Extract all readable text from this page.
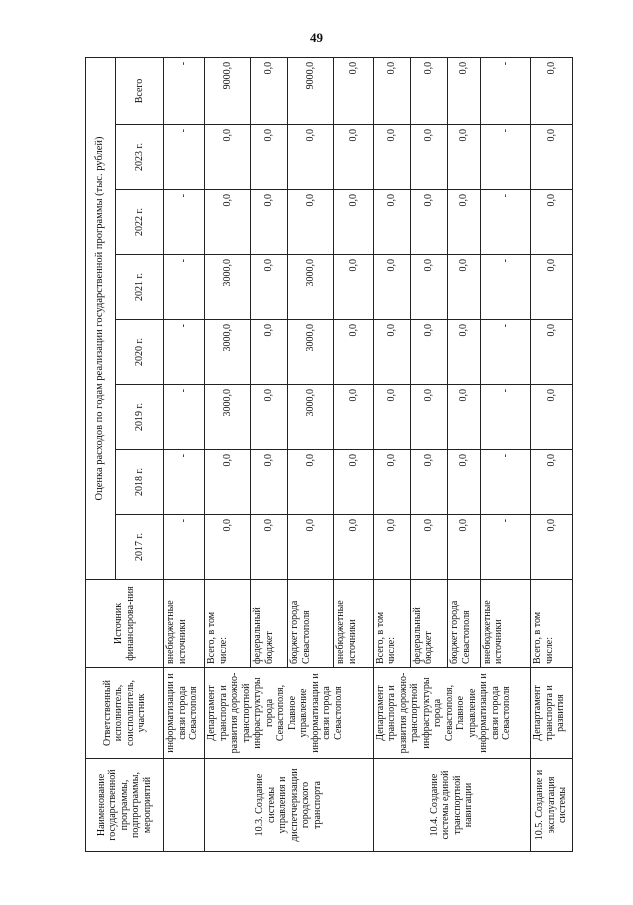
49
Наименование государственной программы, подпрограммы, мероприятий	Ответственный исполнитель, соисполнитель, участник	Источник финансирова-ния	Оценка расходов по годам реализации государственной программы (тыс. рублей)							
			2017 г.	2018 г.	2019 г.	2020 г.	2021 г.	2022 г.	2023 г.	Всего
	информатизации и связи города Севастополя	внебюджетные источники	-	-	-	-	-	-	-	-
10.3. Создание системы управления и диспетчеризации городского транспорта	Департамент транспорта и развития дорожно-транспортной инфраструктуры города Севастополя, Главное управление информатизации и связи города Севастополя	Всего, в том числе:	0,0	0,0	3000,0	3000,0	3000,0	0,0	0,0	9000,0
		федеральный бюджет	0,0	0,0	0,0	0,0	0,0	0,0	0,0	0,0
		бюджет города Севастополя	0,0	0,0	3000,0	3000,0	3000,0	0,0	0,0	9000,0
		внебюджетные источники	0,0	0,0	0,0	0,0	0,0	0,0	0,0	0,0
10.4. Создание системы единой транспортной навигации	Департамент транспорта и развития дорожно-транспортной инфраструктуры города Севастополя, Главное управление информатизации и связи города Севастополя	Всего, в том числе:	0,0	0,0	0,0	0,0	0,0	0,0	0,0	0,0
		федеральный бюджет	0,0	0,0	0,0	0,0	0,0	0,0	0,0	0,0
		бюджет города Севастополя	0,0	0,0	0,0	0,0	0,0	0,0	0,0	0,0
		внебюджетные источники	-	-	-	-	-	-	-	-
10.5. Создание и эксплуатация системы	Департамент транспорта и развития	Всего, в том числе:	0,0	0,0	0,0	0,0	0,0	0,0	0,0	0,0
